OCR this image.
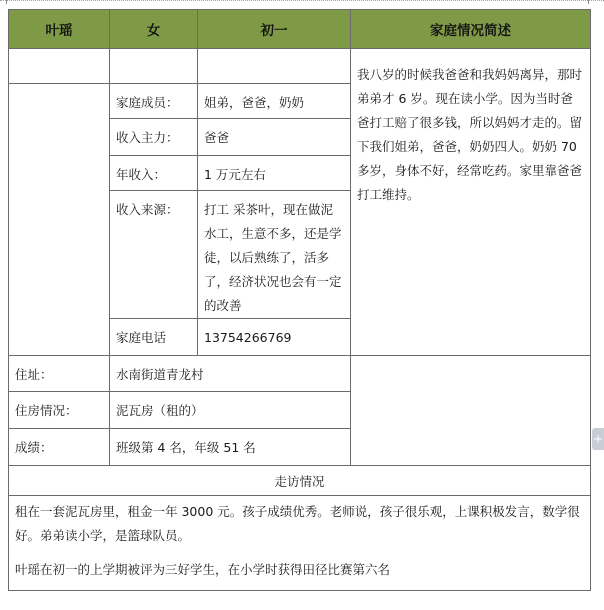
叶瑶	女	初一	家庭情况简述
			我八岁的时候我爸爸和我妈妈离异，那时弟弟才 6 岁。现在读小学。因为当时爸爸打工赔了很多钱，所以妈妈才走的。留下我们姐弟，爸爸，奶奶四人。奶奶 70 多岁，身体不好，经常吃药。家里靠爸爸打工维持。
	家庭成员：	姐弟，爸爸，奶奶	
	收入主力：	爸爸	
	年收入：	1 万元左右	
	收入来源：	打工 采茶叶，现在做泥水工，生意不多，还是学徒，以后熟练了，活多了，经济状况也会有一定的改善	
	家庭电话	13754266769	
住址：	水南街道青龙村		
住房情况：	泥瓦房（租的）		
成绩：	班级第 4 名，年级 51 名		
走访情况			

租在一套泥瓦房里，租金一年 3000 元。孩子成绩优秀。老师说，孩子很乐观，上课积极发言，数学很好。弟弟读小学，是篮球队员。
叶瑶在初一的上学期被评为三好学生，在小学时获得田径比赛第六名			
+
